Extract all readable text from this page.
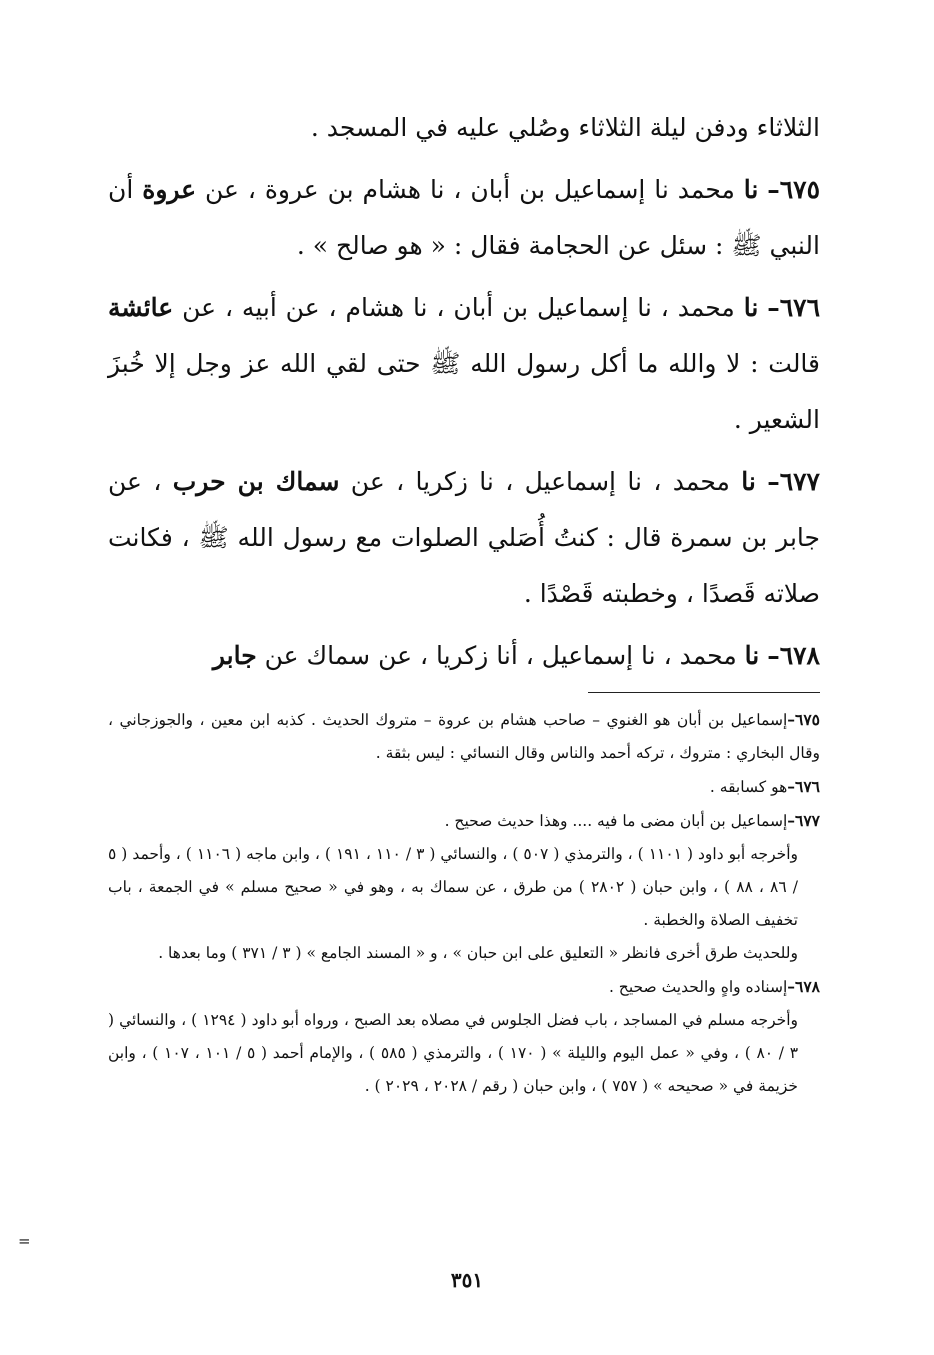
الثلاثاء ودفن ليلة الثلاثاء وصُلي عليه في المسجد .

٦٧٥– نا محمد نا إسماعيل بن أبان ، نا هشام بن عروة ، عن عروة أن النبي ﷺ : سئل عن الحجامة فقال : « هو صالح » .

٦٧٦– نا محمد ، نا إسماعيل بن أبان ، نا هشام ، عن أبيه ، عن عائشة قالت : لا والله ما أكل رسول الله ﷺ حتى لقي الله عز وجل إلا خُبزَ الشعير .

٦٧٧– نا محمد ، نا إسماعيل ، نا زكريا ، عن سماك بن حرب ، عن جابر بن سمرة قال : كنتُ أُصَلي الصلوات مع رسول الله ﷺ ، فكانت صلاته قَصدًا ، وخطبته قَصْدًا .

٦٧٨– نا محمد ، نا إسماعيل ، أنا زكريا ، عن سماك عن جابر

٦٧٥–إسماعيل بن أبان هو الغنوي – صاحب هشام بن عروة – متروك الحديث . كذبه ابن معين ، والجوزجاني ، وقال البخاري : متروك ، تركه أحمد والناس وقال النسائي : ليس بثقة .

٦٧٦–هو كسابقه .

٦٧٧–إسماعيل بن أبان مضى ما فيه .... وهذا حديث صحيح .

وأخرجه أبو داود ( ١١٠١ ) ، والترمذي ( ٥٠٧ ) ، والنسائي ( ٣ / ١١٠ ، ١٩١ ) ، وابن ماجه ( ١١٠٦ ) ، وأحمد ( ٥ / ٨٦ ، ٨٨ ) ، وابن حبان ( ٢٨٠٢ ) من طرق ، عن سماك به ، وهو في « صحيح مسلم » في الجمعة ، باب تخفيف الصلاة والخطبة .

وللحديث طرق أخرى فانظر « التعليق على ابن حبان » ، و « المسند الجامع » ( ٣ / ٣٧١ ) وما بعدها .

٦٧٨–إسناده واهٍ والحديث صحيح .

وأخرجه مسلم في المساجد ، باب فضل الجلوس في مصلاه بعد الصبح ، ورواه أبو داود ( ١٢٩٤ ) ، والنسائي ( ٣ / ٨٠ ) ، وفي « عمل اليوم والليلة » ( ١٧٠ ) ، والترمذي ( ٥٨٥ ) ، والإمام أحمد ( ٥ / ١٠١ ، ١٠٧ ) ، وابن خزيمة في « صحيحه » ( ٧٥٧ ) ، وابن حبان ( رقم / ٢٠٢٨ ، ٢٠٢٩ ) .

=
٣٥١
